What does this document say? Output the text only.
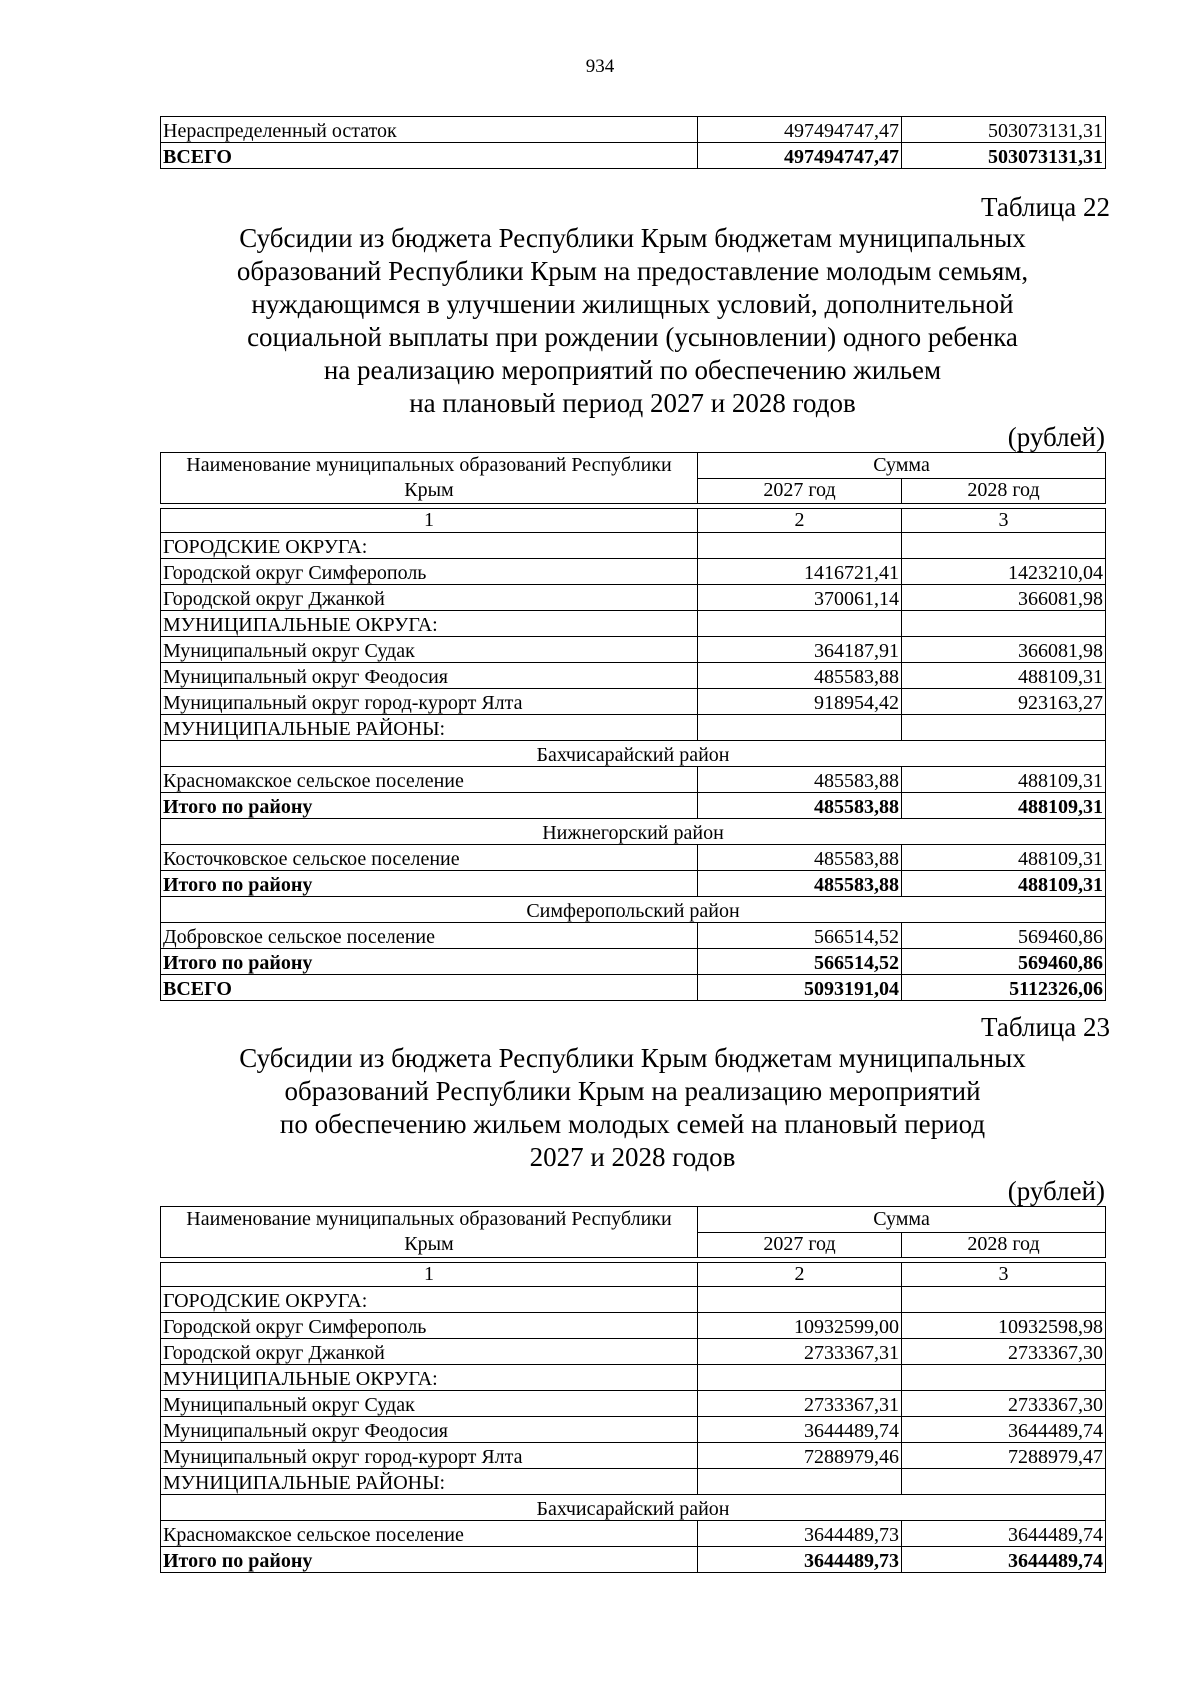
934
Нераспределенный остаток	497494747,47	503073131,31
ВСЕГО	497494747,47	503073131,31
Таблица 22
Субсидии из бюджета Республики Крым бюджетам муниципальных
образований Республики Крым на предоставление молодым семьям,
нуждающимся в улучшении жилищных условий, дополнительной
социальной выплаты при рождении (усыновлении) одного ребенка
на реализацию мероприятий по обеспечению жильем
на плановый период 2027 и 2028 годов
(рублей)
Наименование муниципальных образований Республики Крым	Сумма	
	2027 год	2028 год

1	2	3
ГОРОДСКИЕ ОКРУГА:		
Городской округ Симферополь	1416721,41	1423210,04
Городской округ Джанкой	370061,14	366081,98
МУНИЦИПАЛЬНЫЕ ОКРУГА:		
Муниципальный округ Судак	364187,91	366081,98
Муниципальный округ Феодосия	485583,88	488109,31
Муниципальный округ город-курорт Ялта	918954,42	923163,27
МУНИЦИПАЛЬНЫЕ РАЙОНЫ:		
Бахчисарайский район		
Красномакское сельское поселение	485583,88	488109,31
Итого по району	485583,88	488109,31
Нижнегорский район		
Косточковское сельское поселение	485583,88	488109,31
Итого по району	485583,88	488109,31
Симферопольский район		
Добровское сельское поселение	566514,52	569460,86
Итого по району	566514,52	569460,86
ВСЕГО	5093191,04	5112326,06
Таблица 23
Субсидии из бюджета Республики Крым бюджетам муниципальных
образований Республики Крым на реализацию мероприятий
по обеспечению жильем молодых семей на плановый период
2027 и 2028 годов
(рублей)
Наименование муниципальных образований Республики Крым	Сумма	
	2027 год	2028 год

1	2	3
ГОРОДСКИЕ ОКРУГА:		
Городской округ Симферополь	10932599,00	10932598,98
Городской округ Джанкой	2733367,31	2733367,30
МУНИЦИПАЛЬНЫЕ ОКРУГА:		
Муниципальный округ Судак	2733367,31	2733367,30
Муниципальный округ Феодосия	3644489,74	3644489,74
Муниципальный округ город-курорт Ялта	7288979,46	7288979,47
МУНИЦИПАЛЬНЫЕ РАЙОНЫ:		
Бахчисарайский район		
Красномакское сельское поселение	3644489,73	3644489,74
Итого по району	3644489,73	3644489,74
